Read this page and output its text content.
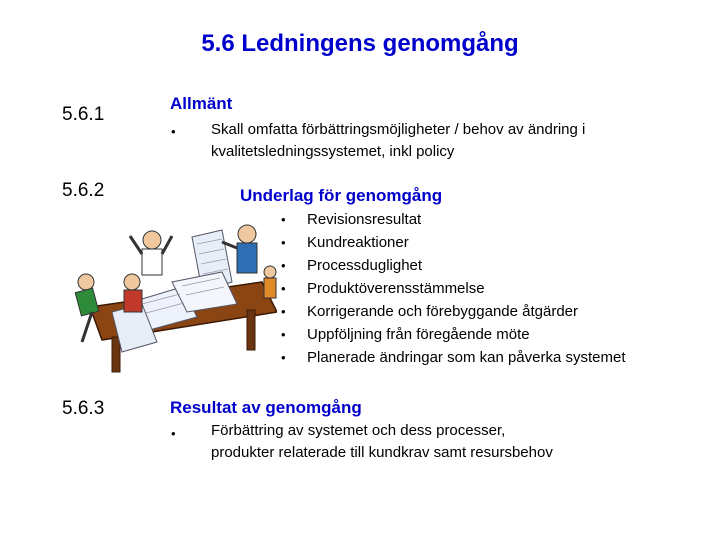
5.6 Ledningens genomgång
5.6.1
Allmänt
• Skall omfatta förbättringsmöjligheter / behov av ändring i kvalitetsledningssystemet, inkl policy
5.6.2	Underlag för genomgång
• Revisionsresultat
• Kundreaktioner
• Processduglighet
• Produktöverensstämmelse
• Korrigerande och förebyggande åtgärder
• Uppföljning från föregående möte
• Planerade ändringar som kan påverka systemet
5.6.3	Resultat av genomgång
• Förbättring av systemet och dess processer, produkter relaterade till kundkrav samt resursbehov
